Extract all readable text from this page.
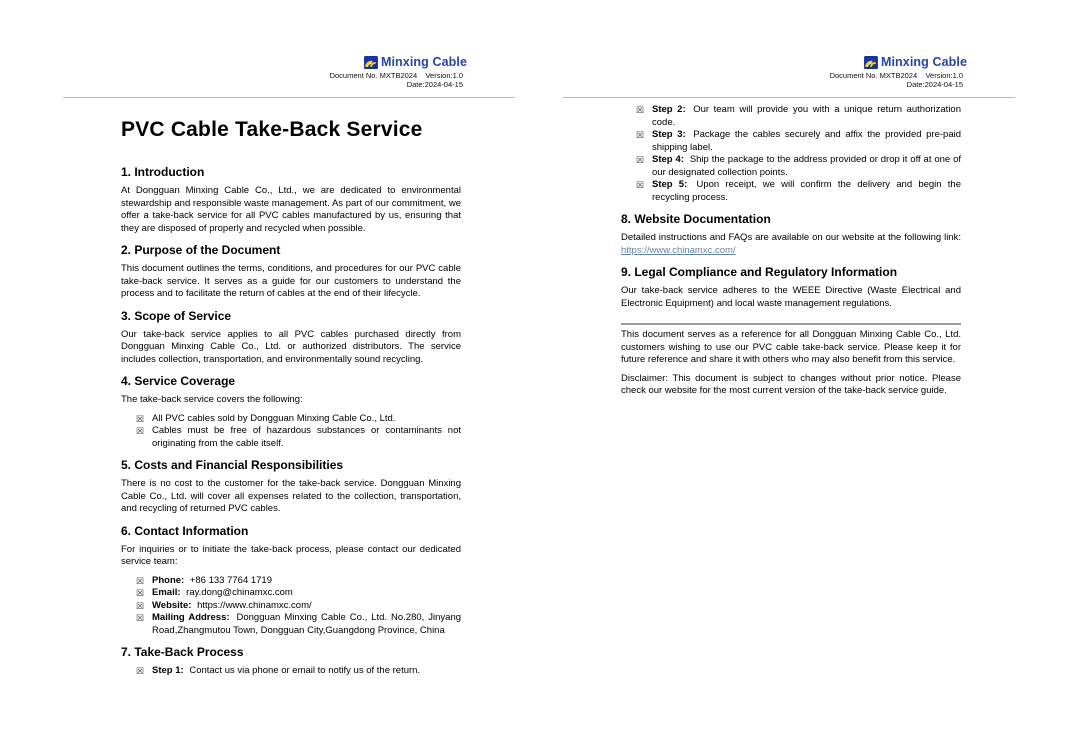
Minxing Cable
Document No. MXTB2024    Version:1.0
Date:2024-04-15
PVC Cable Take-Back Service
1. Introduction

At Dongguan Minxing Cable Co., Ltd., we are dedicated to environmental stewardship and responsible waste management. As part of our commitment, we offer a take-back service for all PVC cables manufactured by us, ensuring that they are disposed of properly and recycled when possible.

2. Purpose of the Document

This document outlines the terms, conditions, and procedures for our PVC cable take-back service. It serves as a guide for our customers to understand the process and to facilitate the return of cables at the end of their lifecycle.

3. Scope of Service

Our take-back service applies to all PVC cables purchased directly from Dongguan Minxing Cable Co., Ltd. or authorized distributors. The service includes collection, transportation, and environmentally sound recycling.

4. Service Coverage

The take-back service covers the following:

☒ All PVC cables sold by Dongguan Minxing Cable Co., Ltd.
☒ Cables must be free of hazardous substances or contaminants not originating from the cable itself.
5. Costs and Financial Responsibilities

There is no cost to the customer for the take-back service. Dongguan Minxing Cable Co., Ltd. will cover all expenses related to the collection, transportation, and recycling of returned PVC cables.

6. Contact Information

For inquiries or to initiate the take-back process, please contact our dedicated service team:

☒ Phone: +86 133 7764 1719
☒ Email: ray.dong@chinamxc.com
☒ Website: https://www.chinamxc.com/
☒ Mailing Address: Dongguan Minxing Cable Co., Ltd. No.280, Jinyang Road,Zhangmutou Town, Dongguan City,Guangdong Province, China
7. Take-Back Process
☒ Step 1: Contact us via phone or email to notify us of the return.
Minxing Cable
Document No. MXTB2024    Version:1.0
Date:2024-04-15
☒ Step 2: Our team will provide you with a unique return authorization code.
☒ Step 3: Package the cables securely and affix the provided pre-paid shipping label.
☒ Step 4: Ship the package to the address provided or drop it off at one of our designated collection points.
☒ Step 5: Upon receipt, we will confirm the delivery and begin the recycling process.
8. Website Documentation

Detailed instructions and FAQs are available on our website at the following link: https://www.chinamxc.com/

9. Legal Compliance and Regulatory Information

Our take-back service adheres to the WEEE Directive (Waste Electrical and Electronic Equipment) and local waste management regulations.

This document serves as a reference for all Dongguan Minxing Cable Co., Ltd. customers wishing to use our PVC cable take-back service. Please keep it for future reference and share it with others who may also benefit from this service.

Disclaimer: This document is subject to changes without prior notice. Please check our website for the most current version of the take-back service guide.
